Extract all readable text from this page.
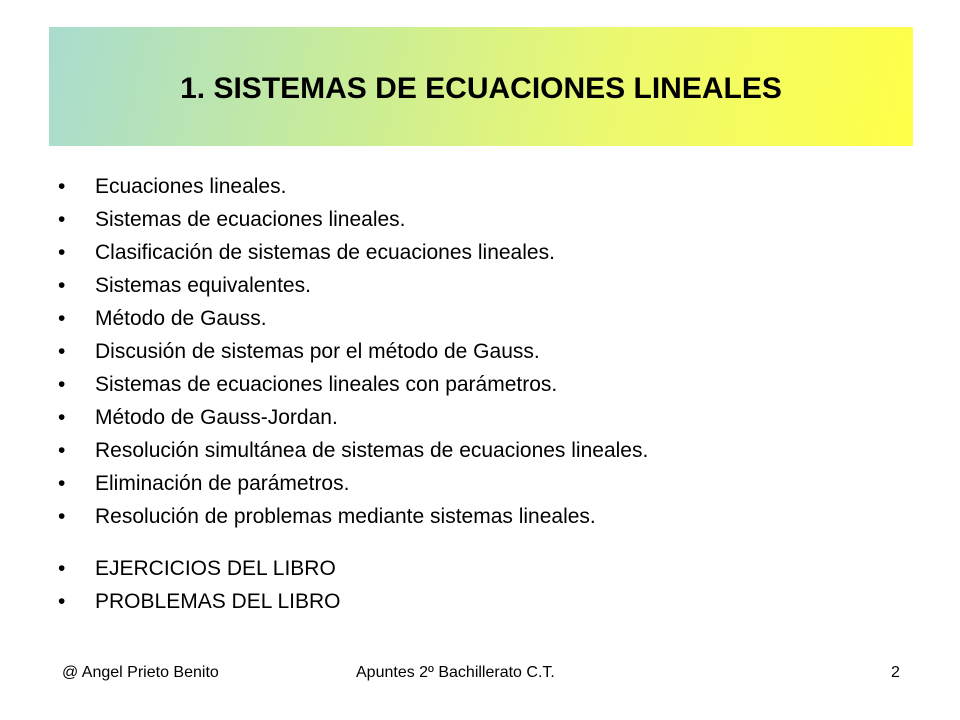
1. SISTEMAS DE ECUACIONES LINEALES
• Ecuaciones lineales.
• Sistemas de ecuaciones lineales.
• Clasificación de sistemas de ecuaciones lineales.
• Sistemas equivalentes.
• Método de Gauss.
• Discusión de sistemas por el método de Gauss.
• Sistemas de ecuaciones lineales con parámetros.
• Método de Gauss-Jordan.
• Resolución simultánea de sistemas de ecuaciones lineales.
• Eliminación de parámetros.
• Resolución de problemas mediante sistemas lineales.
• EJERCICIOS DEL LIBRO
• PROBLEMAS DEL LIBRO
@ Angel Prieto Benito	Apuntes 2º Bachillerato C.T.	2
